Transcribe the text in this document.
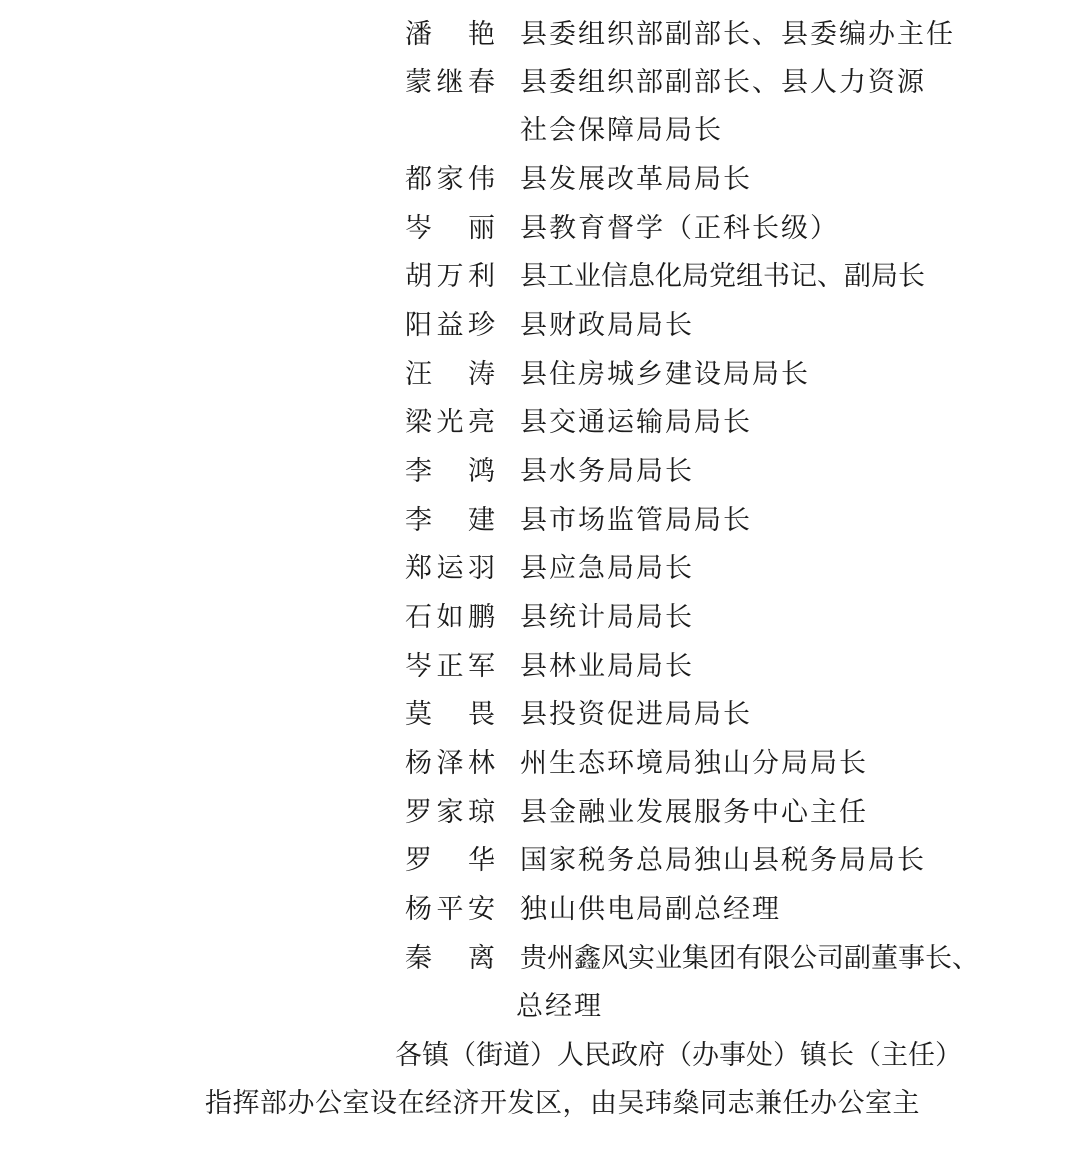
潘 艳 县委组织部副部长、县委编办主任
蒙 继 春 县委组织部副部长、县人力资源
社会保障局局长
都 家 伟 县发展改革局局长
岑 丽 县教育督学（正科长级）
胡 万 利 县工业信息化局党组书记、副局长
阳 益 珍 县财政局局长
汪 涛 县住房城乡建设局局长
梁 光 亮 县交通运输局局长
李 鸿 县水务局局长
李 建 县市场监管局局长
郑 运 羽 县应急局局长
石 如 鹏 县统计局局长
岑 正 军 县林业局局长
莫 畏 县投资促进局局长
杨 泽 林 州生态环境局独山分局局长
罗 家 琼 县金融业发展服务中心主任
罗 华 国家税务总局独山县税务局局长
杨 平 安 独山供电局副总经理
秦 离 贵州鑫风实业集团有限公司副董事长、
总经理
各镇（街道）人民政府（办事处）镇长（主任）
指挥部办公室设在经济开发区，由吴玮燊同志兼任办公室主
